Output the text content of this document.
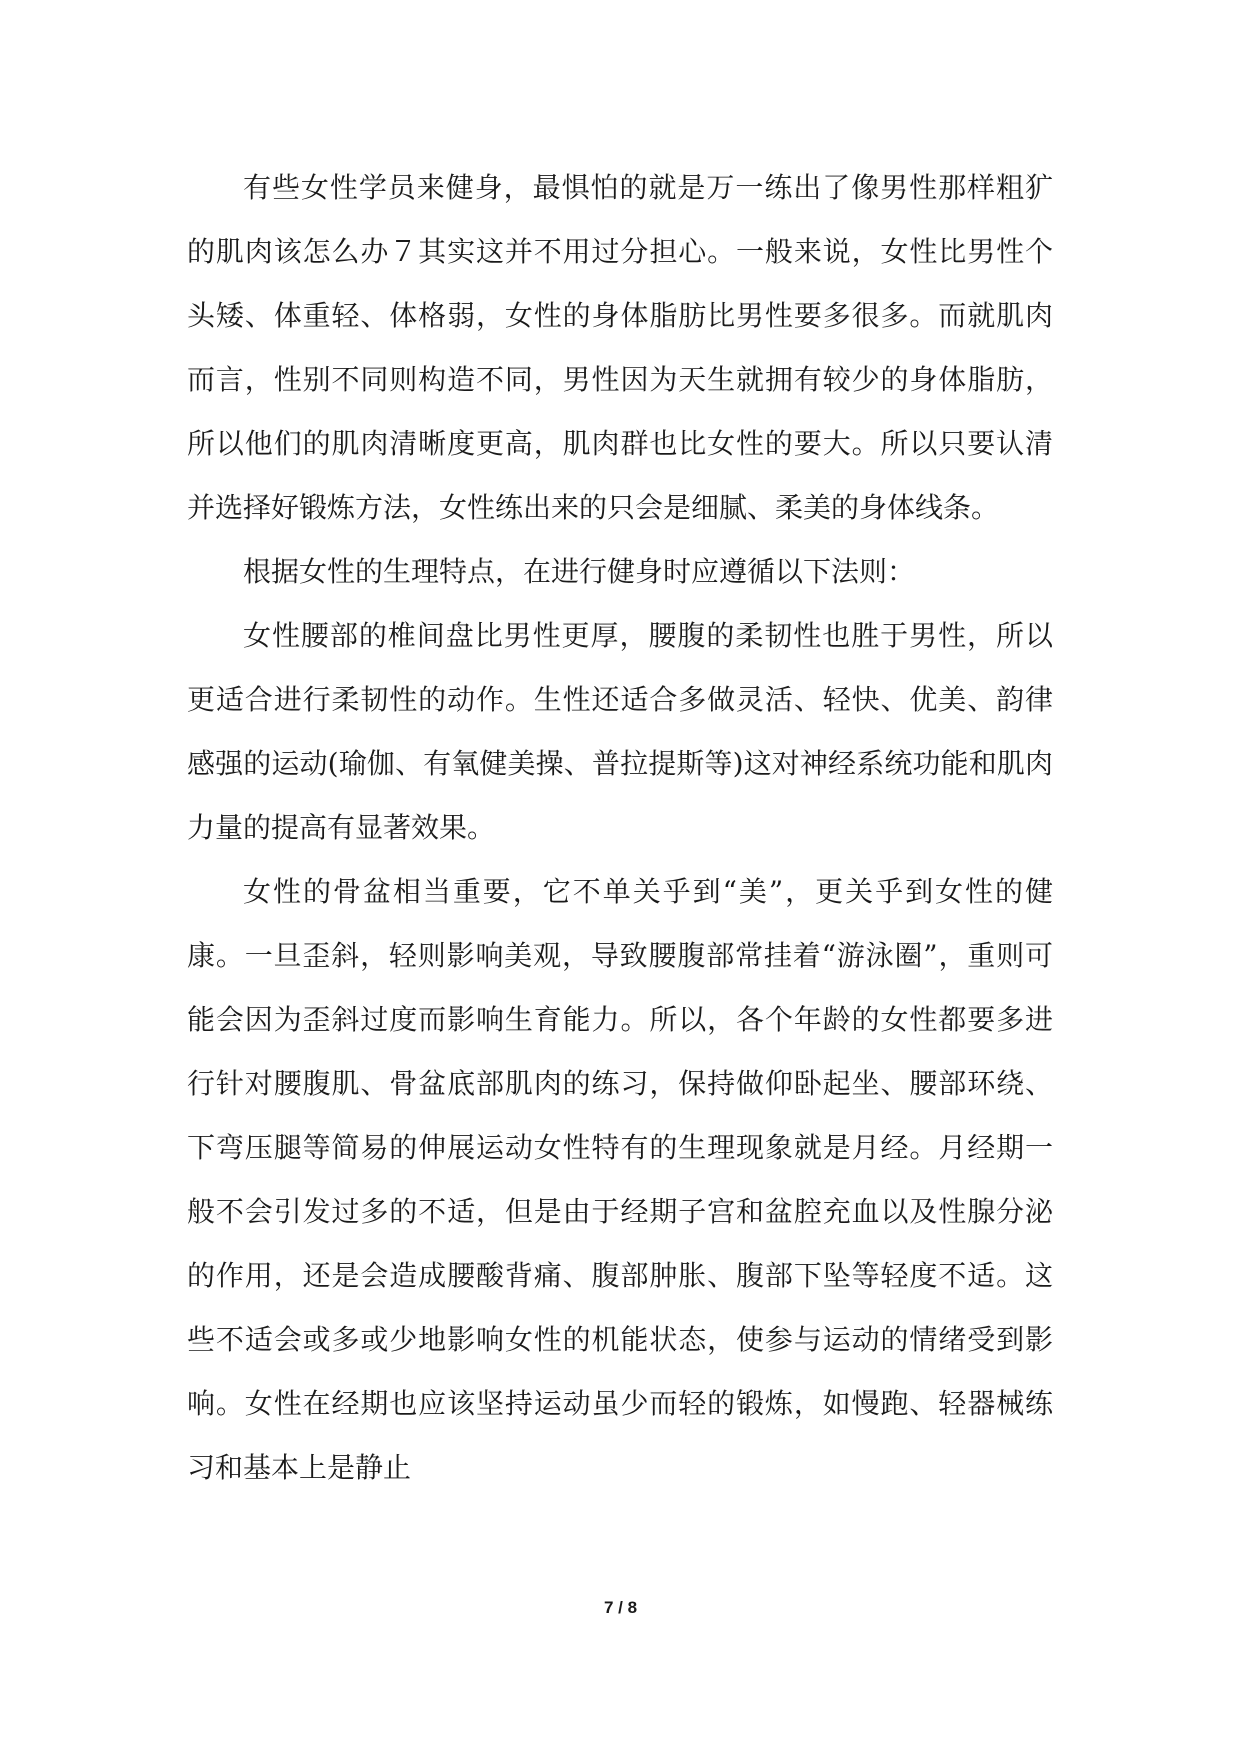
有些女性学员来健身，最惧怕的就是万一练出了像男性那样粗犷的肌肉该怎么办７其实这并不用过分担心。一般来说，女性比男性个头矮、体重轻、体格弱，女性的身体脂肪比男性要多很多。而就肌肉而言，性别不同则构造不同，男性因为天生就拥有较少的身体脂肪，所以他们的肌肉清晰度更高，肌肉群也比女性的要大。所以只要认清并选择好锻炼方法，女性练出来的只会是细腻、柔美的身体线条。

根据女性的生理特点，在进行健身时应遵循以下法则：

女性腰部的椎间盘比男性更厚，腰腹的柔韧性也胜于男性，所以更适合进行柔韧性的动作。生性还适合多做灵活、轻快、优美、韵律感强的运动(瑜伽、有氧健美操、普拉提斯等)这对神经系统功能和肌肉力量的提高有显著效果。

女性的骨盆相当重要，它不单关乎到“美”，更关乎到女性的健康。一旦歪斜，轻则影响美观，导致腰腹部常挂着“游泳圈”，重则可能会因为歪斜过度而影响生育能力。所以，各个年龄的女性都要多进行针对腰腹肌、骨盆底部肌肉的练习，保持做仰卧起坐、腰部环绕、下弯压腿等简易的伸展运动女性特有的生理现象就是月经。月经期一般不会引发过多的不适，但是由于经期子宫和盆腔充血以及性腺分泌的作用，还是会造成腰酸背痛、腹部肿胀、腹部下坠等轻度不适。这些不适会或多或少地影响女性的机能状态，使参与运动的情绪受到影响。女性在经期也应该坚持运动虽少而轻的锻炼，如慢跑、轻器械练习和基本上是静止

7 / 8
